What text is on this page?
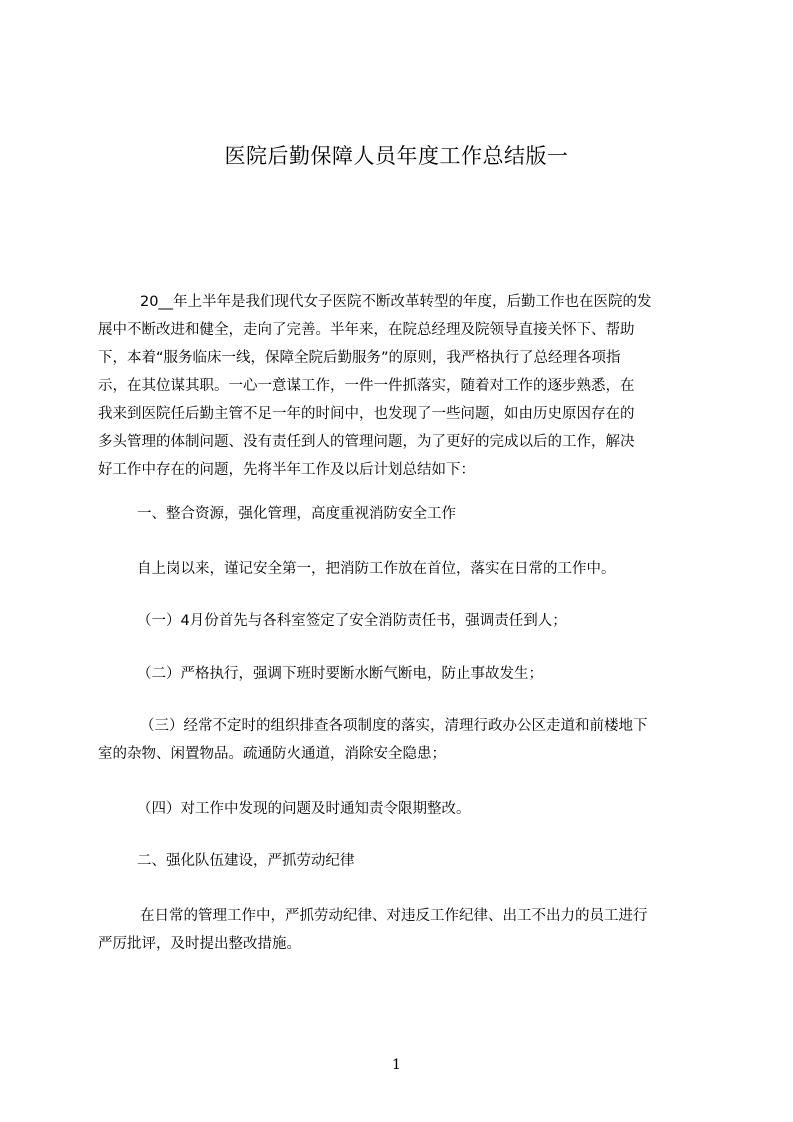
医院后勤保障人员年度工作总结版一
20__年上半年是我们现代女子医院不断改革转型的年度，后勤工作也在医院的发
展中不断改进和健全，走向了完善。半年来，在院总经理及院领导直接关怀下、帮助
下，本着“服务临床一线，保障全院后勤服务”的原则，我严格执行了总经理各项指
示，在其位谋其职。一心一意谋工作，一件一件抓落实，随着对工作的逐步熟悉，在
我来到医院任后勤主管不足一年的时间中，也发现了一些问题，如由历史原因存在的
多头管理的体制问题、没有责任到人的管理问题，为了更好的完成以后的工作，解决
好工作中存在的问题，先将半年工作及以后计划总结如下：

一、整合资源，强化管理，高度重视消防安全工作

自上岗以来，谨记安全第一，把消防工作放在首位，落实在日常的工作中。

（一）4月份首先与各科室签定了安全消防责任书，强调责任到人；

（二）严格执行，强调下班时要断水断气断电，防止事故发生；

（三）经常不定时的组织排查各项制度的落实，清理行政办公区走道和前楼地下
室的杂物、闲置物品。疏通防火通道，消除安全隐患；

（四）对工作中发现的问题及时通知责令限期整改。

二、强化队伍建设，严抓劳动纪律

在日常的管理工作中，严抓劳动纪律、对违反工作纪律、出工不出力的员工进行
严厉批评，及时提出整改措施。
1
